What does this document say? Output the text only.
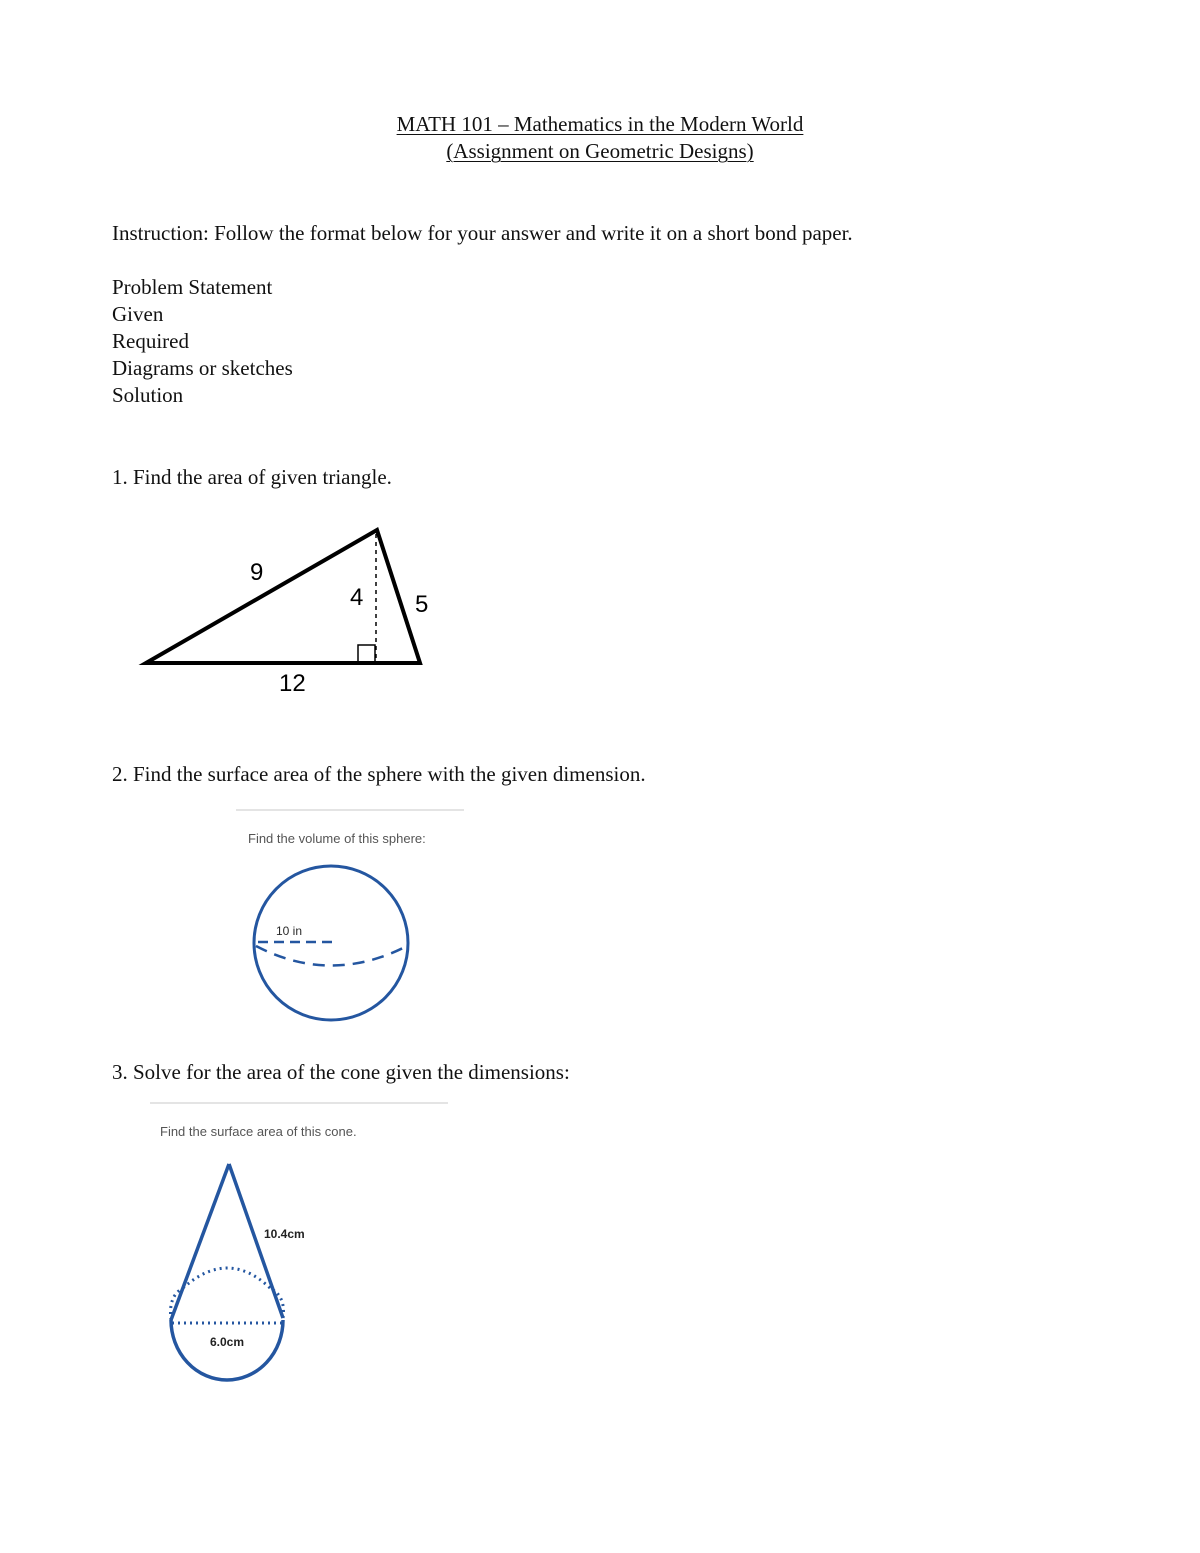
MATH 101 – Mathematics in the Modern World
(Assignment on Geometric Designs)
Instruction: Follow the format below for your answer and write it on a short bond paper.
Problem Statement
Given
Required
Diagrams or sketches
Solution
1. Find the area of given triangle.
9
4 5
12
10 in
Find the volume of this sphere:
10.4cm
6.0cm
Find the surface area of this cone.
2. Find the surface area of the sphere with the given dimension.
3. Solve for the area of the cone given the dimensions:
